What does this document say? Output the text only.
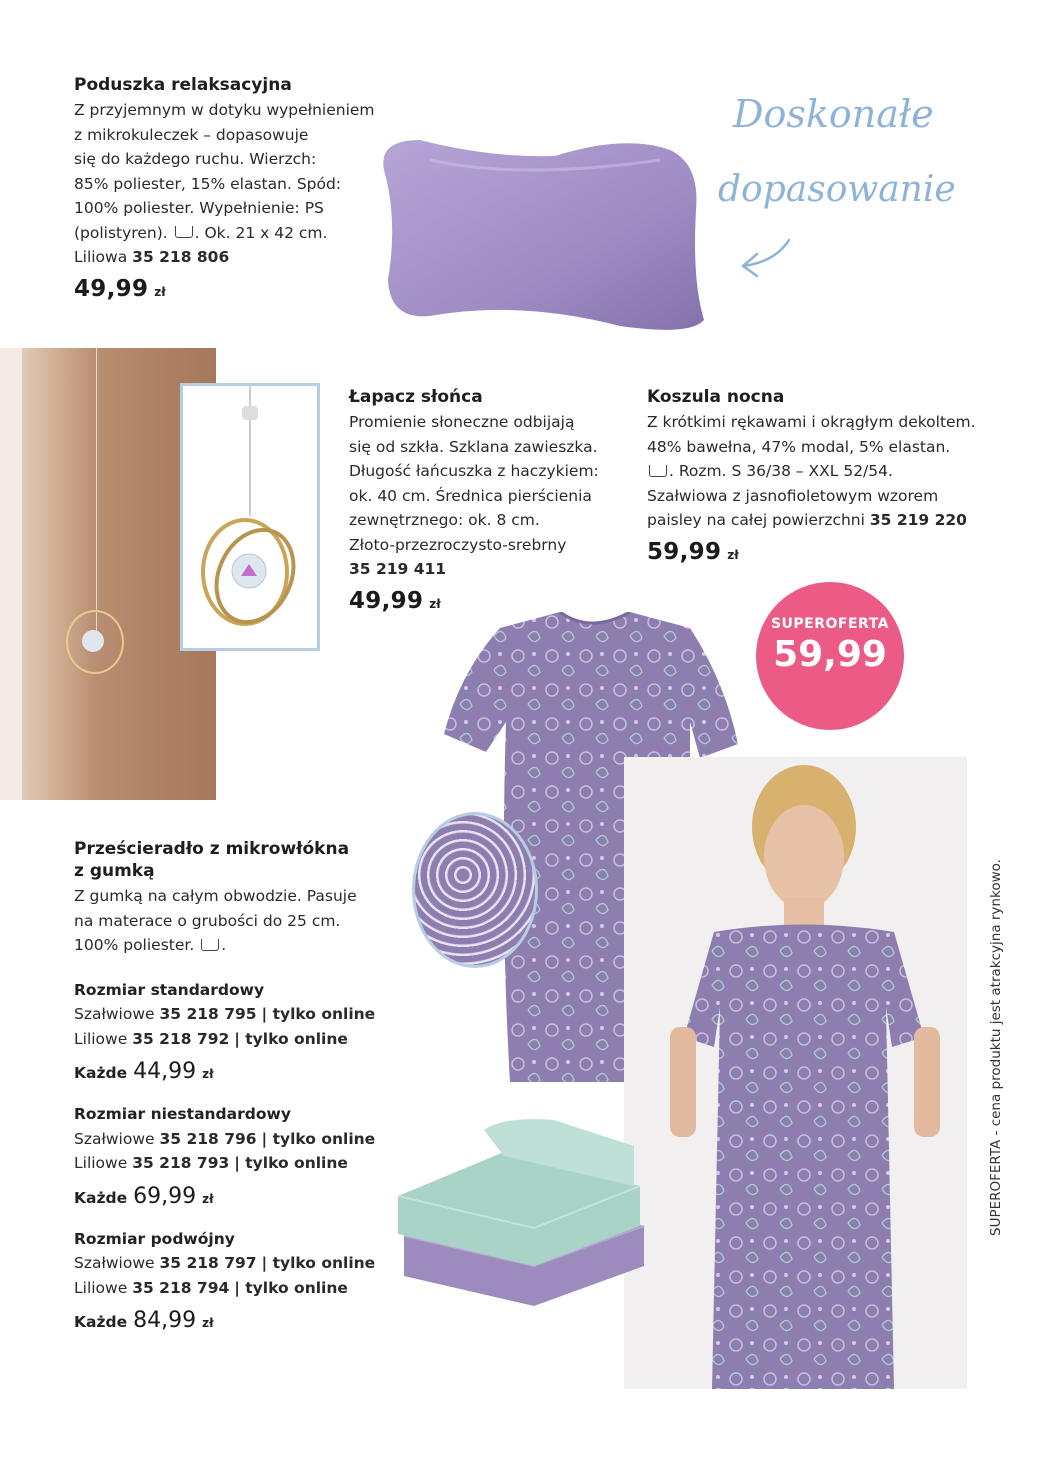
Poduszka relaksacyjna
Z przyjemnym w dotyku wypełnieniem
z mikrokuleczek – dopasowuje
się do każdego ruchu. Wierzch:
85% poliester, 15% elastan. Spód:
100% poliester. Wypełnienie: PS
(polistyren). . Ok. 21 x 42 cm.
Liliowa 35 218 806
49,99 zł
Doskonałe
dopasowanie
Łapacz słońca
Promienie słoneczne odbijają
się od szkła. Szklana zawieszka.
Długość łańcuszka z haczykiem:
ok. 40 cm. Średnica pierścienia
zewnętrznego: ok. 8 cm.
Złoto-przezroczysto-srebrny
35 219 411
49,99 zł
Koszula nocna
Z krótkimi rękawami i okrągłym dekoltem.
48% bawełna, 47% modal, 5% elastan.
. Rozm. S 36/38 – XXL 52/54.
Szałwiowa z jasnofioletowym wzorem
paisley na całej powierzchni 35 219 220
59,99 zł
SUPEROFERTA
59,99
SUPEROFERTA - cena produktu jest atrakcyjna rynkowo.
Prześcieradło z mikrowłókna
z gumką
Z gumką na całym obwodzie. Pasuje
na materace o grubości do 25 cm.
100% poliester. .
Rozmiar standardowy
Szałwiowe 35 218 795 | tylko online
Liliowe 35 218 792 | tylko online
Każde 44,99 zł
Rozmiar niestandardowy
Szałwiowe 35 218 796 | tylko online
Liliowe 35 218 793 | tylko online
Każde 69,99 zł
Rozmiar podwójny
Szałwiowe 35 218 797 | tylko online
Liliowe 35 218 794 | tylko online
Każde 84,99 zł
